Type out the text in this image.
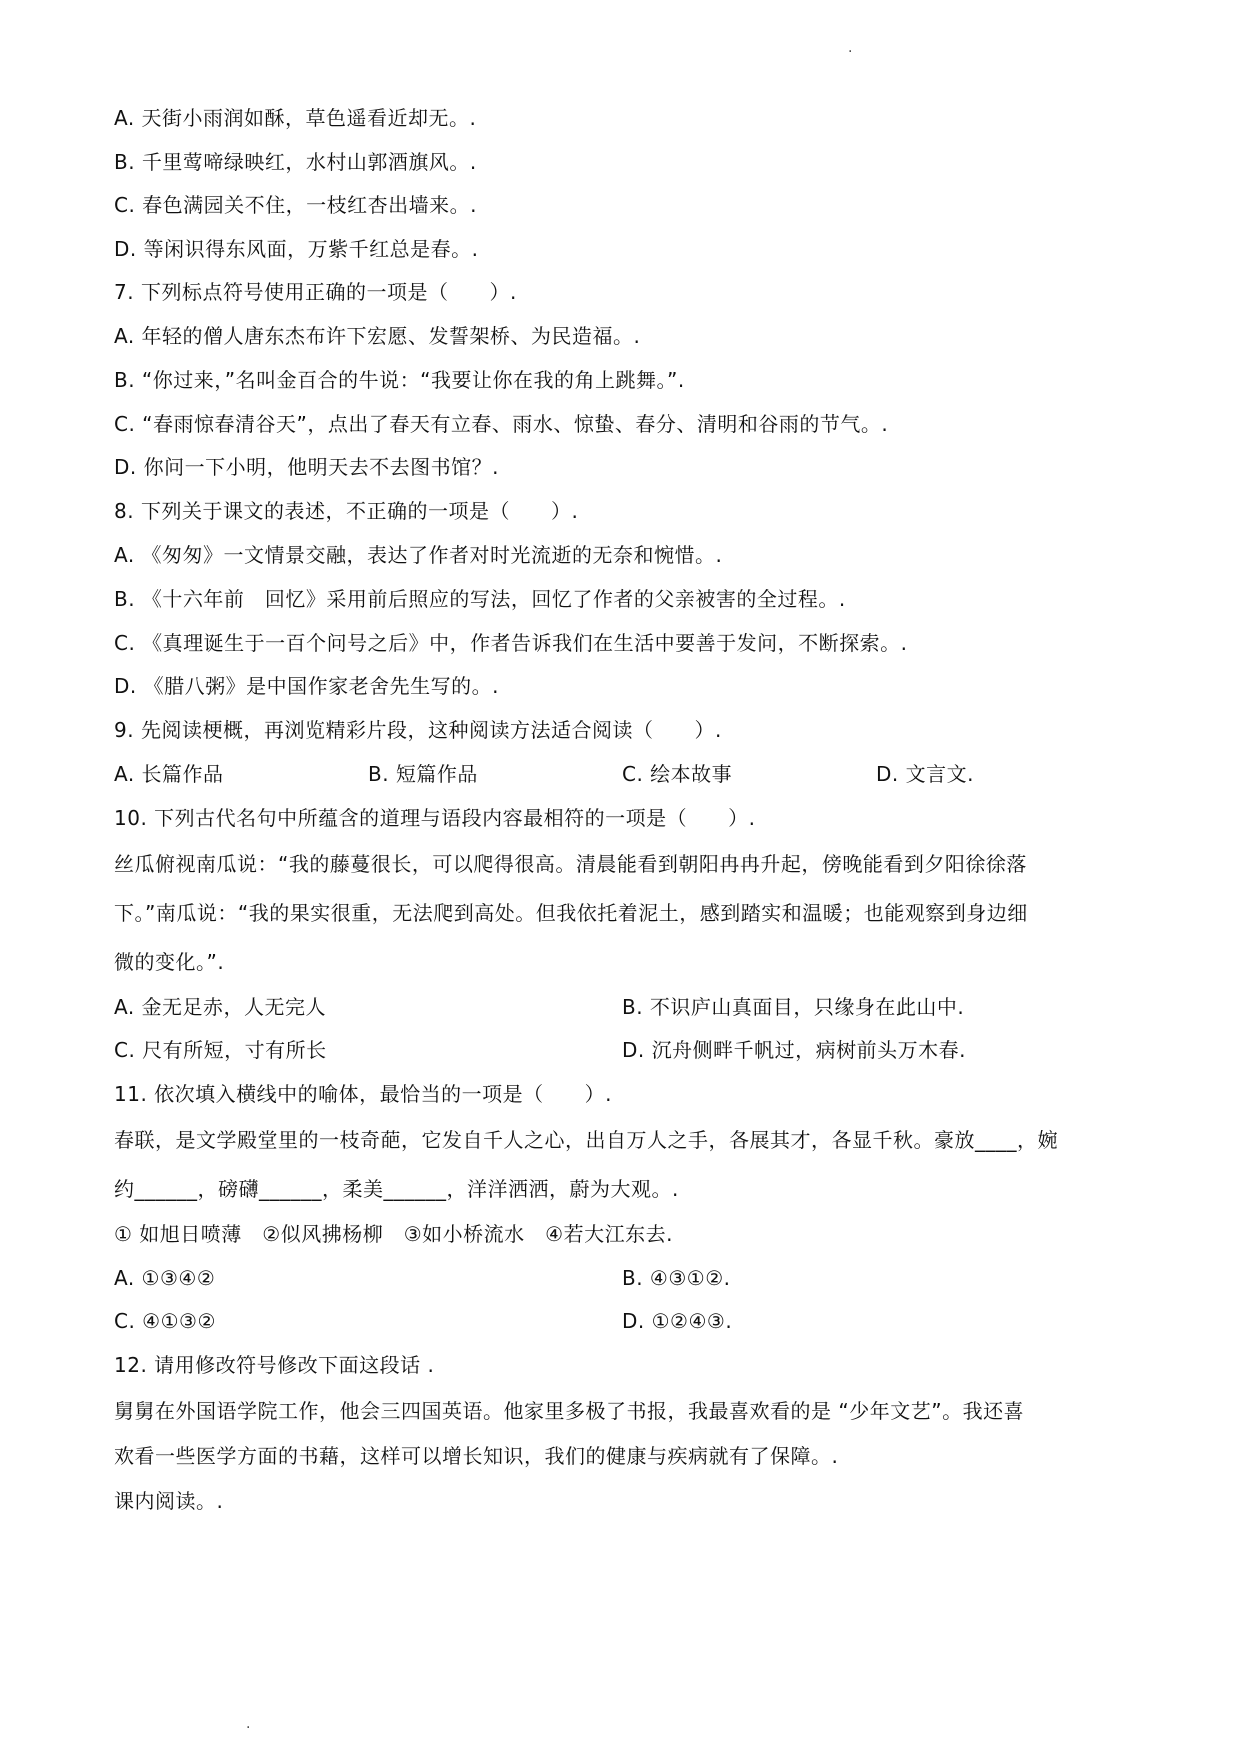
·
A. 天街小雨润如酥，草色遥看近却无。.
B. 千里莺啼绿映红，水村山郭酒旗风。.
C. 春色满园关不住，一枝红杏出墙来。.
D. 等闲识得东风面，万紫千红总是春。.
7. 下列标点符号使用正确的一项是（　　）.
A. 年轻的僧人唐东杰布许下宏愿、发誓架桥、为民造福。.
B. “你过来，”名叫金百合的牛说：“我要让你在我的角上跳舞。”.
C. “春雨惊春清谷天”，点出了春天有立春、雨水、惊蛰、春分、清明和谷雨的节气。.
D. 你问一下小明，他明天去不去图书馆？.
8. 下列关于课文的表述，不正确的一项是（　　）.
A. 《匆匆》一文情景交融，表达了作者对时光流逝的无奈和惋惜。.
B. 《十六年前　回忆》采用前后照应的写法，回忆了作者的父亲被害的全过程。.
C. 《真理诞生于一百个问号之后》中，作者告诉我们在生活中要善于发问，不断探索。.
D. 《腊八粥》是中国作家老舍先生写的。.
9. 先阅读梗概，再浏览精彩片段，这种阅读方法适合阅读（　　）.
A. 长篇作品	B. 短篇作品	C. 绘本故事	D. 文言文.
10. 下列古代名句中所蕴含的道理与语段内容最相符的一项是（　　）.
丝瓜俯视南瓜说：“我的藤蔓很长，可以爬得很高。清晨能看到朝阳冉冉升起，傍晚能看到夕阳徐徐落
下。”南瓜说：“我的果实很重，无法爬到高处。但我依托着泥土，感到踏实和温暖；也能观察到身边细
微的变化。”.
A. 金无足赤，人无完人	B. 不识庐山真面目，只缘身在此山中.
C. 尺有所短，寸有所长	D. 沉舟侧畔千帆过，病树前头万木春.
11. 依次填入横线中的喻体，最恰当的一项是（　　）.
春联，是文学殿堂里的一枝奇葩，它发自千人之心，出自万人之手，各展其才，各显千秋。豪放____，婉
约______，磅礴______，柔美______，洋洋洒洒，蔚为大观。.
① 如旭日喷薄　②似风拂杨柳　③如小桥流水　④若大江东去.
A. ①③④②	B. ④③①②.
C. ④①③②	D. ①②④③.
12. 请用修改符号修改下面这段话 .
舅舅在外国语学院工作，他会三四国英语。他家里多极了书报，我最喜欢看的是 “少年文艺”。我还喜
欢看一些医学方面的书藉，这样可以增长知识，我们的健康与疾病就有了保障。.
课内阅读。.
·
